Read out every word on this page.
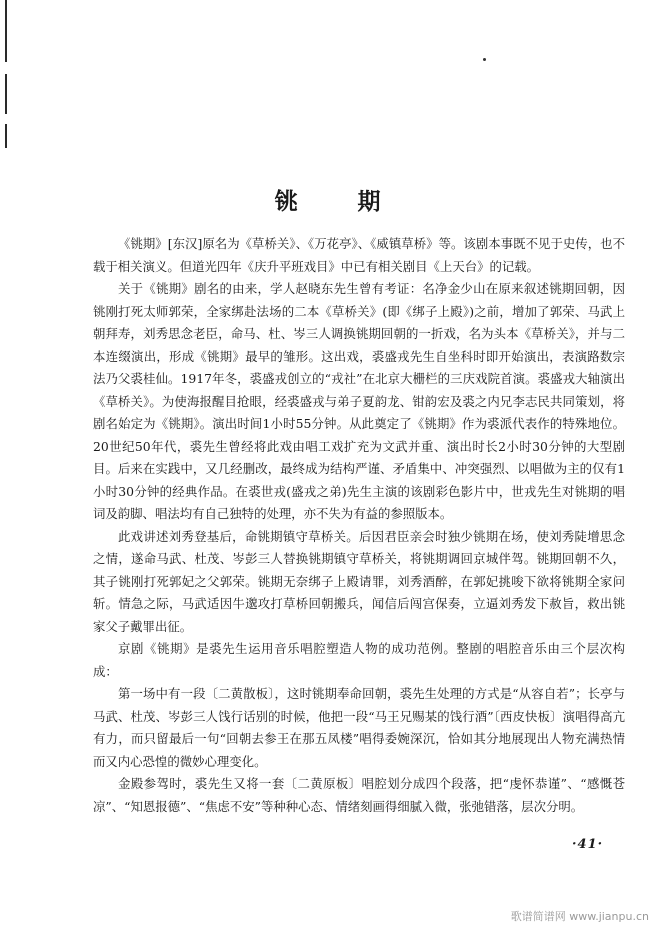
铫 期

《铫期》[东汉]原名为《草桥关》、《万花亭》、《威镇草桥》等。该剧本事既不见于史传，也不载于相关演义。但道光四年《庆升平班戏目》中已有相关剧目《上天台》的记载。

关于《铫期》剧名的由来，学人赵晓东先生曾有考证：名净金少山在原来叙述铫期回朝，因铫刚打死太师郭荣，全家绑赴法场的二本《草桥关》(即《绑子上殿》)之前，增加了郭荣、马武上朝拜寿，刘秀思念老臣，命马、杜、岑三人调换铫期回朝的一折戏，名为头本《草桥关》，并与二本连缀演出，形成《铫期》最早的雏形。这出戏，裘盛戎先生自坐科时即开始演出，表演路数宗法乃父裘桂仙。1917年冬，裘盛戎创立的“戎社”在北京大栅栏的三庆戏院首演。裘盛戎大轴演出《草桥关》。为使海报醒目抢眼，经裘盛戎与弟子夏韵龙、钳韵宏及裘之内兄李志民共同策划，将剧名始定为《铫期》。演出时间1小时55分钟。从此奠定了《铫期》作为裘派代表作的特殊地位。20世纪50年代，裘先生曾经将此戏由唱工戏扩充为文武并重、演出时长2小时30分钟的大型剧目。后来在实践中，又几经删改，最终成为结构严谨、矛盾集中、冲突强烈、以唱做为主的仅有1小时30分钟的经典作品。在裘世戎(盛戎之弟)先生主演的该剧彩色影片中，世戎先生对铫期的唱词及韵脚、唱法均有自己独特的处理，亦不失为有益的参照版本。

此戏讲述刘秀登基后，命铫期镇守草桥关。后因君臣亲会时独少铫期在场，使刘秀陡增思念之情，遂命马武、杜茂、岑彭三人替换铫期镇守草桥关，将铫期调回京城伴驾。铫期回朝不久，其子铫刚打死郭妃之父郭荣。铫期无奈绑子上殿请罪，刘秀酒醉，在郭妃挑唆下欲将铫期全家问斩。情急之际，马武适因牛邈攻打草桥回朝搬兵，闻信后闯宫保奏，立逼刘秀发下赦旨，救出铫家父子戴罪出征。

京剧《铫期》是裘先生运用音乐唱腔塑造人物的成功范例。整剧的唱腔音乐由三个层次构成：

第一场中有一段〔二黄散板〕，这时铫期奉命回朝，裘先生处理的方式是“从容自若”；长亭与马武、杜茂、岑彭三人饯行话别的时候，他把一段“马王兄赐某的饯行酒”〔西皮快板〕演唱得高亢有力，而只留最后一句“回朝去参王在那五凤楼”唱得委婉深沉，恰如其分地展现出人物充满热情而又内心恐惶的微妙心理变化。

金殿参驾时，裘先生又将一套〔二黄原板〕唱腔划分成四个段落，把“虔怀恭谨”、“感慨苍凉”、“知恩报德”、“焦虑不安”等种种心态、情绪刻画得细腻入微，张弛错落，层次分明。

·41·
歌谱简谱网 www.jianpu.cn
